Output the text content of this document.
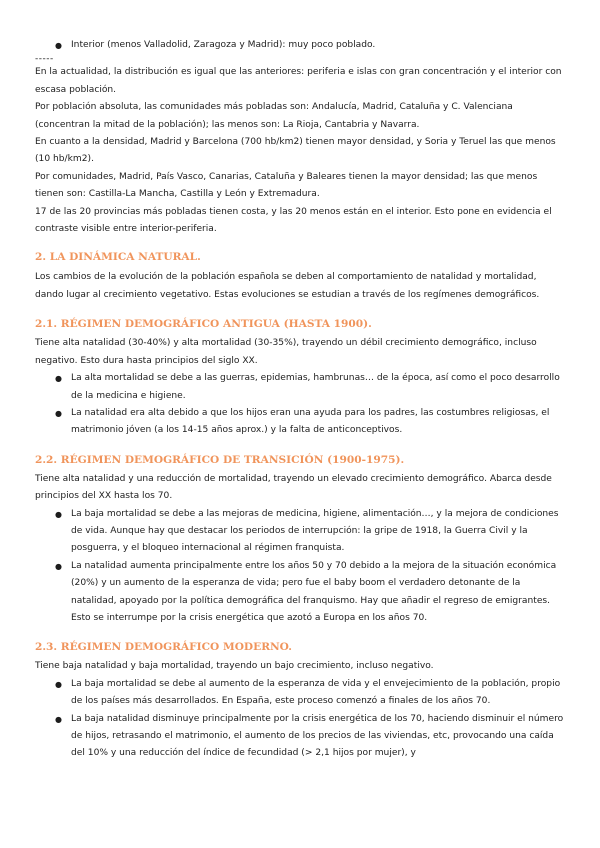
● Interior (menos Valladolid, Zaragoza y Madrid): muy poco poblado.

-----

En la actualidad, la distribución es igual que las anteriores: periferia e islas con gran concentración y el interior con escasa población.

Por población absoluta, las comunidades más pobladas son: Andalucía, Madrid, Cataluña y C. Valenciana (concentran la mitad de la población); las menos son: La Rioja, Cantabria y Navarra.

En cuanto a la densidad, Madrid y Barcelona (700 hb/km2) tienen mayor densidad, y Soria y Teruel las que menos (10 hb/km2).

Por comunidades, Madrid, País Vasco, Canarias, Cataluña y Baleares tienen la mayor densidad; las que menos tienen son: Castilla-La Mancha, Castilla y León y Extremadura.

17 de las 20 provincias más pobladas tienen costa, y las 20 menos están en el interior. Esto pone en evidencia el contraste visible entre interior-periferia.

2. LA DINÁMICA NATURAL.

Los cambios de la evolución de la población española se deben al comportamiento de natalidad y mortalidad, dando lugar al crecimiento vegetativo. Estas evoluciones se estudian a través de los regímenes demográficos.

2.1. RÉGIMEN DEMOGRÁFICO ANTIGUA (HASTA 1900).

Tiene alta natalidad (30-40%) y alta mortalidad (30-35%), trayendo un débil crecimiento demográfico, incluso negativo. Esto dura hasta principios del siglo XX.

● La alta mortalidad se debe a las guerras, epidemias, hambrunas… de la época, así como el poco desarrollo de la medicina e higiene.
● La natalidad era alta debido a que los hijos eran una ayuda para los padres, las costumbres religiosas, el matrimonio jóven (a los 14-15 años aprox.) y la falta de anticonceptivos.
2.2. RÉGIMEN DEMOGRÁFICO DE TRANSICIÓN (1900-1975).

Tiene alta natalidad y una reducción de mortalidad, trayendo un elevado crecimiento demográfico. Abarca desde principios del XX hasta los 70.

● La baja mortalidad se debe a las mejoras de medicina, higiene, alimentación…, y la mejora de condiciones de vida. Aunque hay que destacar los periodos de interrupción: la gripe de 1918, la Guerra Civil y la posguerra, y el bloqueo internacional al régimen franquista.
● La natalidad aumenta principalmente entre los años 50 y 70 debido a la mejora de la situación económica (20%) y un aumento de la esperanza de vida; pero fue el baby boom el verdadero detonante de la natalidad, apoyado por la política demográfica del franquismo. Hay que añadir el regreso de emigrantes. Esto se interrumpe por la crisis energética que azotó a Europa en los años 70.
2.3. RÉGIMEN DEMOGRÁFICO MODERNO.

Tiene baja natalidad y baja mortalidad, trayendo un bajo crecimiento, incluso negativo.

● La baja mortalidad se debe al aumento de la esperanza de vida y el envejecimiento de la población, propio de los países más desarrollados. En España, este proceso comenzó a finales de los años 70.
● La baja natalidad disminuye principalmente por la crisis energética de los 70, haciendo disminuir el número de hijos, retrasando el matrimonio, el aumento de los precios de las viviendas, etc, provocando una caída del 10% y una reducción del índice de fecundidad (> 2,1 hijos por mujer), y
